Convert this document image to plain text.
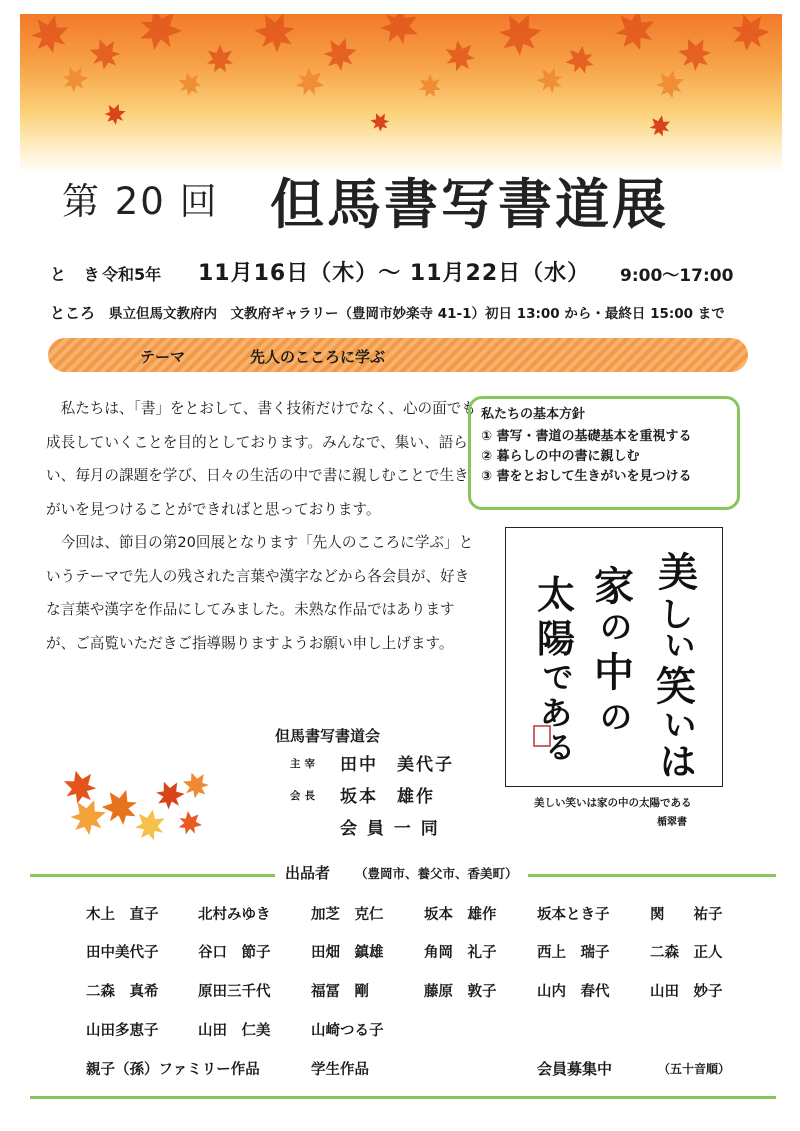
第 20 回 但馬書写書道展
と き
令和5年 11月16日（木）～ 11月22日（水） 9:00～17:00
ところ 県立但馬文教府内　文教府ギャラリー（豊岡市妙楽寺 41-1）初日 13:00 から・最終日 15:00 まで
テーマ	先人のこころに学ぶ

私たちは、「書」をとおして、書く技術だけでなく、心の面でも成長していくことを目的としております。みんなで、集い、語らい、毎月の課題を学び、日々の生活の中で書に親しむことで生きがいを見つけることができればと思っております。

今回は、節目の第20回展となります「先人のこころに学ぶ」というテーマで先人の残された言葉や漢字などから各会員が、好きな言葉や漢字を作品にしてみました。未熟な作品ではありますが、ご高覧いただきご指導賜りますようお願い申し上げます。

私たちの基本方針
① 書写・書道の基礎基本を重視する
② 暮らしの中の書に親しむ
③ 書をとおして生きがいを見つける
美
し
い
笑
い
は
家
の
中
の
太
陽
で
あ
る
美しい笑いは家の中の太陽である
楯翠書
但馬書写書道会
主宰 田中　美代子
会長 坂本　雄作
会 員 一 同
出品者 （豊岡市、養父市、香美町）
木上　直子	北村みゆき	加芝　克仁	坂本　雄作	坂本とき子	関　　祐子
田中美代子	谷口　節子	田畑　鎮雄	角岡　礼子	西上　瑞子	二森　正人
二森　真希	原田三千代	福冨　剛	藤原　敦子	山内　春代	山田　妙子
山田多恵子	山田　仁美	山崎つる子
親子（孫）ファミリー作品	学生作品	会員募集中	（五十音順）
